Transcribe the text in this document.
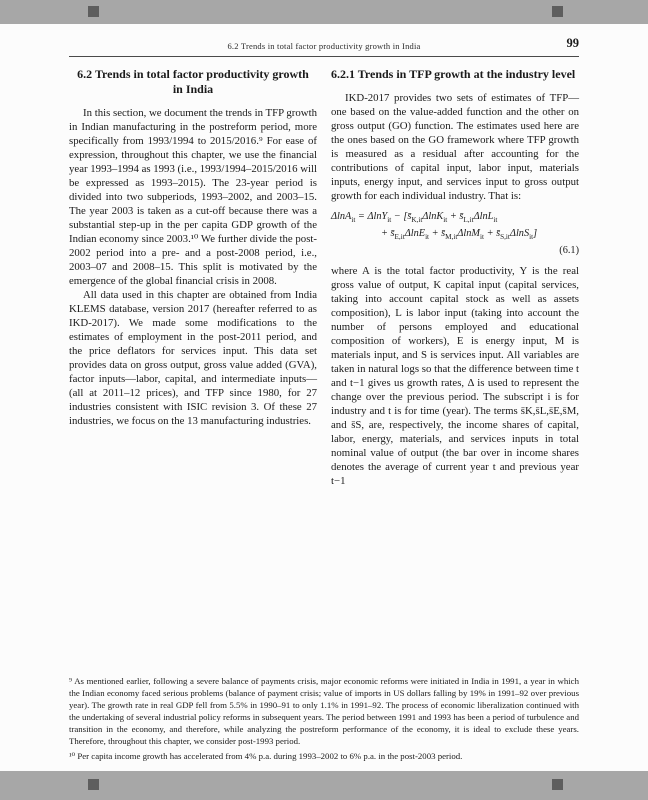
6.2 Trends in total factor productivity growth in India	99
6.2 Trends in total factor productivity growth in India

In this section, we document the trends in TFP growth in Indian manufacturing in the postreform period, more specifically from 1993/1994 to 2015/2016.⁹ For ease of expression, throughout this chapter, we use the financial year 1993–1994 as 1993 (i.e., 1993/1994–2015/2016 will be expressed as 1993–2015). The 23-year period is divided into two subperiods, 1993–2002, and 2003–15. The year 2003 is taken as a cut-off because there was a substantial step-up in the per capita GDP growth of the Indian economy since 2003.¹⁰ We further divide the post-2002 period into a pre- and a post-2008 period, i.e., 2003–07 and 2008–15. This split is motivated by the emergence of the global financial crisis in 2008.

All data used in this chapter are obtained from India KLEMS database, version 2017 (hereafter referred to as IKD-2017). We made some modifications to the estimates of employment in the post-2011 period, and the price deflators for services input. This data set provides data on gross output, gross value added (GVA), factor inputs—labor, capital, and intermediate inputs—(all at 2011–12 prices), and TFP since 1980, for 27 industries consistent with ISIC revision 3. Of these 27 industries, we focus on the 13 manufacturing industries.

6.2.1 Trends in TFP growth at the industry level

IKD-2017 provides two sets of estimates of TFP—one based on the value-added function and the other on gross output (GO) function. The estimates used here are the ones based on the GO framework where TFP growth is measured as a residual after accounting for the contributions of capital input, labor input, materials inputs, energy input, and services input to gross output growth for each individual industry. That is:

$\Delta\ln A_{it} = \Delta\ln Y_{it} - [s̄_{K,it}\Delta\ln K_{it}$ + $s̄_{L,it}\Delta\ln L_{it}$
+ $s̄_{E,it}\Delta\ln E_{it}$ + $s̄_{M,it}\Delta\ln M_{it}$ + $s̄_{S,it}\Delta\ln S_{it}$]
(6.1)

where A is the total factor productivity, Y is the real gross value of output, K capital input (capital services, taking into account capital stock as well as assets composition), L is labor input (taking into account the number of persons employed and educational composition of workers), E is energy input, M is materials input, and S is services input. All variables are taken in natural logs so that the difference between time t and t−1 gives us growth rates, Δ is used to represent the change over the previous period. The subscript i is for industry and t is for time (year). The terms s̄K,s̄L,s̄E,s̄M, and s̄S, are, respectively, the income shares of capital, labor, energy, materials, and services inputs in total nominal value of output (the bar over in income shares denotes the average of current year t and previous year t−1

⁹ As mentioned earlier, following a severe balance of payments crisis, major economic reforms were initiated in India in 1991, a year in which the Indian economy faced serious problems (balance of payment crisis; value of imports in US dollars falling by 19% in 1991–92 over previous year). The growth rate in real GDP fell from 5.5% in 1990–91 to only 1.1% in 1991–92. The process of economic liberalization continued with the undertaking of several industrial policy reforms in subsequent years. The period between 1991 and 1993 has been a period of turbulence and transition in the economy, and therefore, while analyzing the postreform performance of the economy, it is ideal to exclude these years. Therefore, throughout this chapter, we consider post-1993 period.

¹⁰ Per capita income growth has accelerated from 4% p.a. during 1993–2002 to 6% p.a. in the post-2003 period.
